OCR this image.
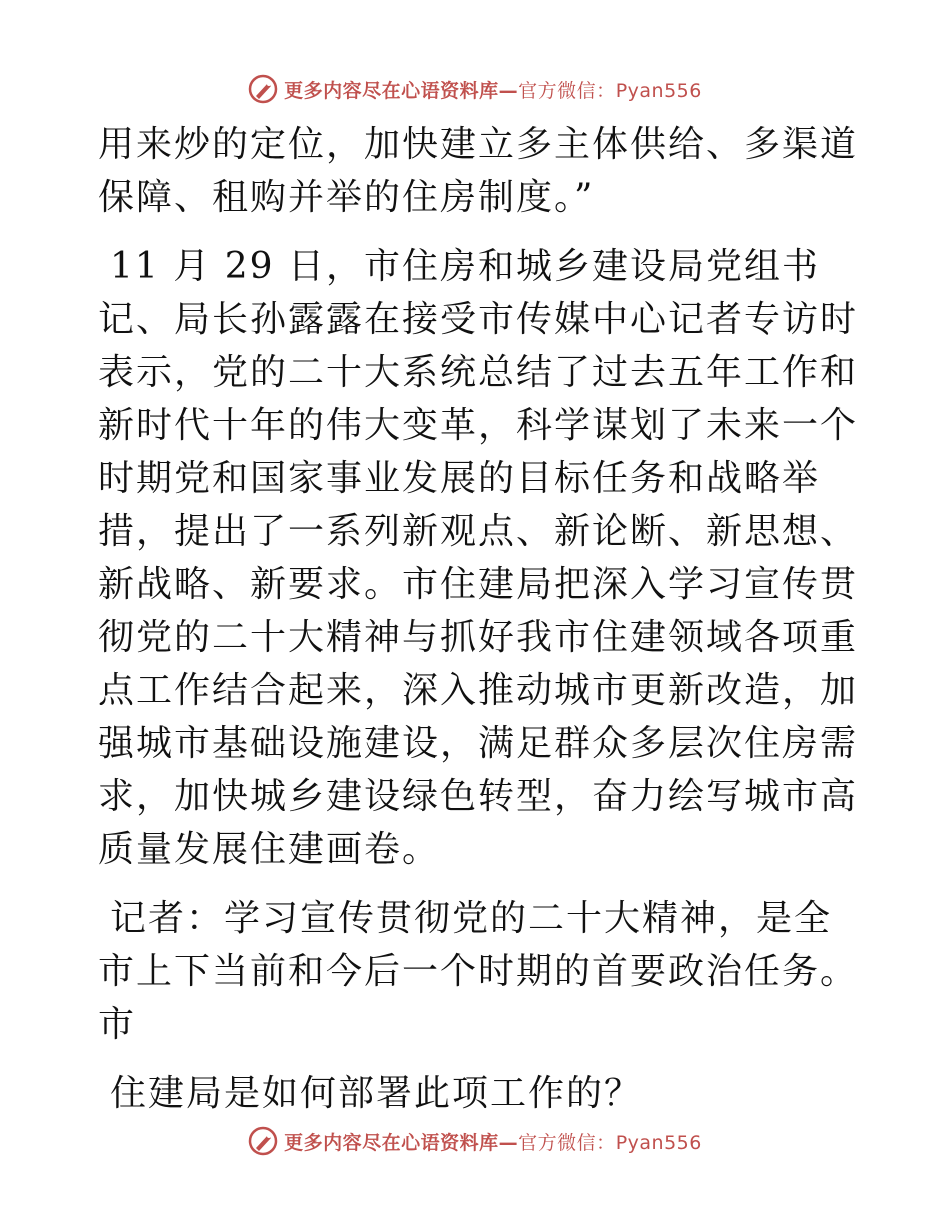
更多内容尽在心语资料库—官方微信：Pyan556

用来炒的定位，加快建立多主体供给、多渠道保障、租购并举的住房制度。”

11 月 29 日，市住房和城乡建设局党组书记、局长孙露露在接受市传媒中心记者专访时表示，党的二十大系统总结了过去五年工作和新时代十年的伟大变革，科学谋划了未来一个时期党和国家事业发展的目标任务和战略举措，提出了一系列新观点、新论断、新思想、新战略、新要求。市住建局把深入学习宣传贯彻党的二十大精神与抓好我市住建领域各项重点工作结合起来，深入推动城市更新改造，加强城市基础设施建设，满足群众多层次住房需求，加快城乡建设绿色转型，奋力绘写城市高质量发展住建画卷。

记者：学习宣传贯彻党的二十大精神，是全市上下当前和今后一个时期的首要政治任务。市

住建局是如何部署此项工作的？

更多内容尽在心语资料库—官方微信：Pyan556
